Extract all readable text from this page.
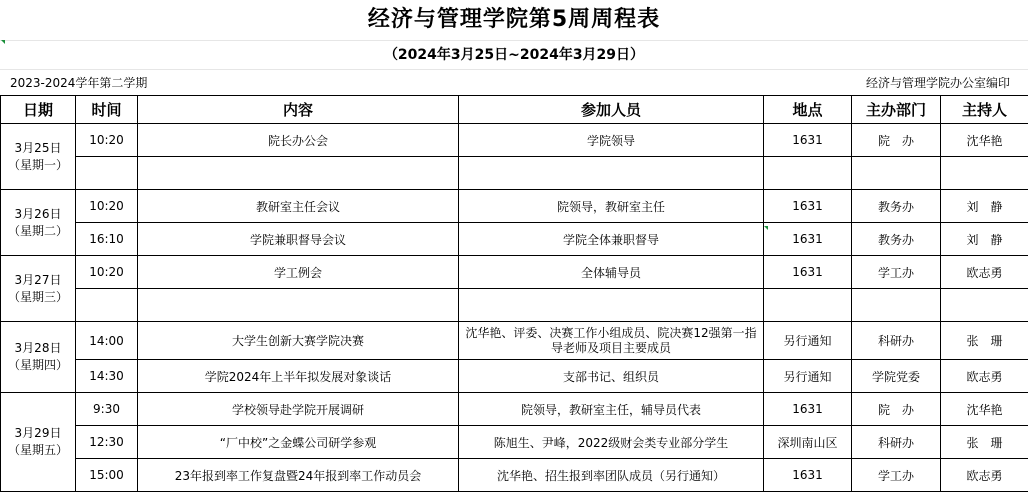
经济与管理学院第5周周程表
（2024年3月25日~2024年3月29日）
2023-2024学年第二学期	经济与管理学院办公室编印
日期	时间	内容	参加人员	地点	主办部门	主持人

3月25日
（星期一）	10:20	院长办公会	学院领导	1631	院　办	沈华艳

3月26日
（星期二）	10:20	教研室主任会议	院领导，教研室主任	1631	教务办	刘　静
	16:10	学院兼职督导会议	学院全体兼职督导	1631	教务办	刘　静

3月27日
（星期三）	10:20	学工例会	全体辅导员	1631	学工办	欧志勇

3月28日
（星期四）	14:00	大学生创新大赛学院决赛	沈华艳、评委、决赛工作小组成员、院决赛12强第一指导老师及项目主要成员	另行通知	科研办	张　珊
	14:30	学院2024年上半年拟发展对象谈话	支部书记、组织员	另行通知	学院党委	欧志勇

3月29日
（星期五）	9:30	学校领导赴学院开展调研	院领导，教研室主任，辅导员代表	1631	院　办	沈华艳
	12:30	“厂中校”之金蝶公司研学参观	陈旭生、尹峰，2022级财会类专业部分学生	深圳南山区	科研办	张　珊
	15:00	23年报到率工作复盘暨24年报到率工作动员会	沈华艳、招生报到率团队成员（另行通知）	1631	学工办	欧志勇
